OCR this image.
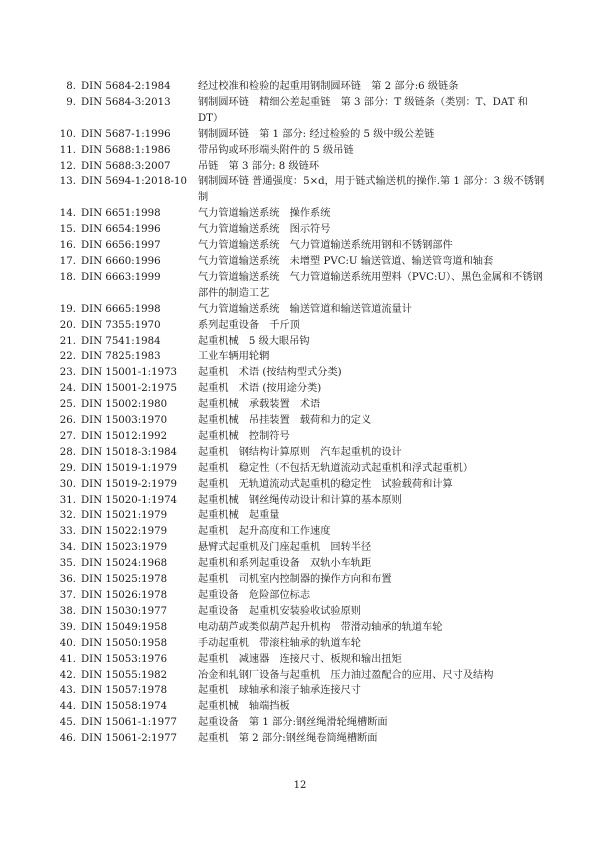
8. DIN 5684-2:1984	经过校准和检验的起重用钢制圆环链　第 2 部分:6 级链条
9. DIN 5684-3:2013	钢制圆环链　精细公差起重链　第 3 部分：T 级链条（类别：T、DAT 和 DT）
10. DIN 5687-1:1996	钢制圆环链　第 1 部分: 经过检验的 5 级中级公差链
11. DIN 5688:1:1986	带吊钩或环形端头附件的 5 级吊链
12. DIN 5688:3:2007	吊链　第 3 部分: 8 级链环
13. DIN 5694-1:2018-10 钢制圆环链 普通强度：5×d，用于链式输送机的操作.第 1 部分：3 级不锈钢制
14. DIN 6651:1998	气力管道输送系统　操作系统
15. DIN 6654:1996	气力管道输送系统　图示符号
16. DIN 6656:1997	气力管道输送系统　气力管道输送系统用钢和不锈钢部件
17. DIN 6660:1996	气力管道输送系统　未增塑 PVC:U 输送管道、输送管弯道和轴套
18. DIN 6663:1999	气力管道输送系统　气力管道输送系统用塑料（PVC:U）、黑色金属和不锈钢部件的制造工艺
19. DIN 6665:1998	气力管道输送系统　输送管道和输送管道流量计
20. DIN 7355:1970	系列起重设备　千斤顶
21. DIN 7541:1984	起重机械　5 级大眼吊钩
22. DIN 7825:1983	工业车辆用轮辋
23. DIN 15001-1:1973 起重机　术语 (按结构型式分类)
24. DIN 15001-2:1975 起重机　术语 (按用途分类)
25. DIN 15002:1980	起重机械　承载装置　术语
26. DIN 15003:1970	起重机械　吊挂装置　载荷和力的定义
27. DIN 15012:1992	起重机械　控制符号
28. DIN 15018-3:1984 起重机　钢结构计算原则　汽车起重机的设计
29. DIN 15019-1:1979 起重机　稳定性（不包括无轨道流动式起重机和浮式起重机）
30. DIN 15019-2:1979 起重机　无轨道流动式起重机的稳定性　试验载荷和计算
31. DIN 15020-1:1974 起重机械　钢丝绳传动设计和计算的基本原则
32. DIN 15021:1979	起重机械　起重量
33. DIN 15022:1979	起重机　起升高度和工作速度
34. DIN 15023:1979	悬臂式起重机及门座起重机　回转半径
35. DIN 15024:1968	起重机和系列起重设备　双轨小车轨距
36. DIN 15025:1978	起重机　司机室内控制器的操作方向和布置
37. DIN 15026:1978	起重设备　危险部位标志
38. DIN 15030:1977	起重设备　起重机安装验收试验原则
39. DIN 15049:1958	电动葫芦或类似葫芦起升机构　带滑动轴承的轨道车轮
40. DIN 15050:1958	手动起重机　带滚柱轴承的轨道车轮
41. DIN 15053:1976	起重机　减速器　连接尺寸、板规和输出扭矩
42. DIN 15055:1982	冶金和轧钢厂设备与起重机　压力油过盈配合的应用、尺寸及结构
43. DIN 15057:1978	起重机　球轴承和滚子轴承连接尺寸
44. DIN 15058:1974	起重机械　轴端挡板
45. DIN 15061-1:1977 起重设备　第 1 部分:钢丝绳滑轮绳槽断面
46. DIN 15061-2:1977 起重机　第 2 部分:钢丝绳卷筒绳槽断面
12
